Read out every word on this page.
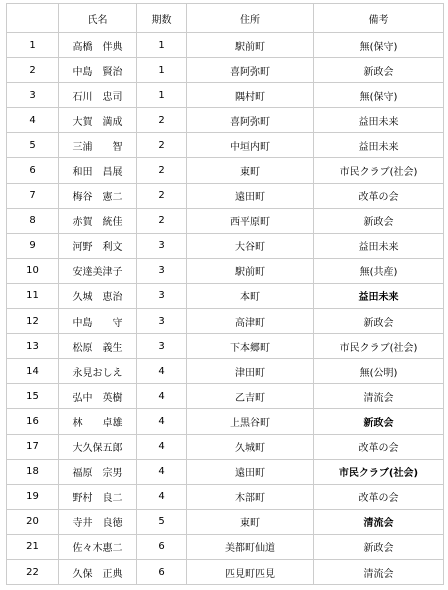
	氏名	期数	住所	備考
1	高橋　伴典	1	駅前町	無(保守)
2	中島　賢治	1	喜阿弥町	新政会
3	石川　忠司	1	隅村町	無(保守)
4	大賀　満成	2	喜阿弥町	益田未来
5	三浦　　智	2	中垣内町	益田未来
6	和田　昌展	2	東町	市民クラブ(社会)
7	梅谷　憲二	2	遠田町	改革の会
8	赤賀　統佳	2	西平原町	新政会
9	河野　利文	3	大谷町	益田未来
10	安達美津子	3	駅前町	無(共産)
11	久城　恵治	3	本町	益田未来
12	中島　　守	3	高津町	新政会
13	松原　義生	3	下本郷町	市民クラブ(社会)
14	永見おしえ	4	津田町	無(公明)
15	弘中　英樹	4	乙吉町	清流会
16	林　　卓雄	4	上黒谷町	新政会
17	大久保五郎	4	久城町	改革の会
18	福原　宗男	4	遠田町	市民クラブ(社会)
19	野村　良二	4	木部町	改革の会
20	寺井　良徳	5	東町	清流会
21	佐々木惠二	6	美都町仙道	新政会
22	久保　正典	6	匹見町匹見	清流会
